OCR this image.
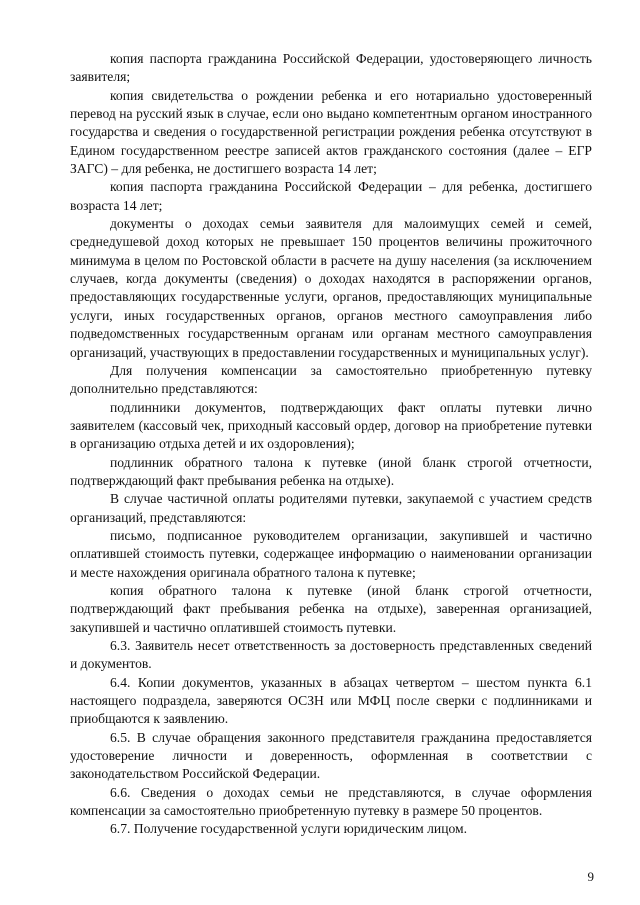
копия паспорта гражданина Российской Федерации, удостоверяющего личность заявителя;

копия свидетельства о рождении ребенка и его нотариально удостоверенный перевод на русский язык в случае, если оно выдано компетентным органом иностранного государства и сведения о государственной регистрации рождения ребенка отсутствуют в Едином государственном реестре записей актов гражданского состояния (далее – ЕГР ЗАГС) – для ребенка, не достигшего возраста 14 лет;

копия паспорта гражданина Российской Федерации – для ребенка, достигшего возраста 14 лет;

документы о доходах семьи заявителя для малоимущих семей и семей, среднедушевой доход которых не превышает 150 процентов величины прожиточного минимума в целом по Ростовской области в расчете на душу населения (за исключением случаев, когда документы (сведения) о доходах находятся в распоряжении органов, предоставляющих государственные услуги, органов, предоставляющих муниципальные услуги, иных государственных органов, органов местного самоуправления либо подведомственных государственным органам или органам местного самоуправления организаций, участвующих в предоставлении государственных и муниципальных услуг).

Для получения компенсации за самостоятельно приобретенную путевку дополнительно представляются:

подлинники документов, подтверждающих факт оплаты путевки лично заявителем (кассовый чек, приходный кассовый ордер, договор на приобретение путевки в организацию отдыха детей и их оздоровления);

подлинник обратного талона к путевке (иной бланк строгой отчетности, подтверждающий факт пребывания ребенка на отдыхе).

В случае частичной оплаты родителями путевки, закупаемой с участием средств организаций, представляются:

письмо, подписанное руководителем организации, закупившей и частично оплатившей стоимость путевки, содержащее информацию о наименовании организации и месте нахождения оригинала обратного талона к путевке;

копия обратного талона к путевке (иной бланк строгой отчетности, подтверждающий факт пребывания ребенка на отдыхе), заверенная организацией, закупившей и частично оплатившей стоимость путевки.

6.3. Заявитель несет ответственность за достоверность представленных сведений и документов.

6.4. Копии документов, указанных в абзацах четвертом – шестом пункта 6.1 настоящего подраздела, заверяются ОСЗН или МФЦ после сверки с подлинниками и приобщаются к заявлению.

6.5. В случае обращения законного представителя гражданина предоставляется удостоверение личности и доверенность, оформленная в соответствии с законодательством Российской Федерации.

6.6. Сведения о доходах семьи не представляются, в случае оформления компенсации за самостоятельно приобретенную путевку в размере 50 процентов.

6.7. Получение государственной услуги юридическим лицом.

9
